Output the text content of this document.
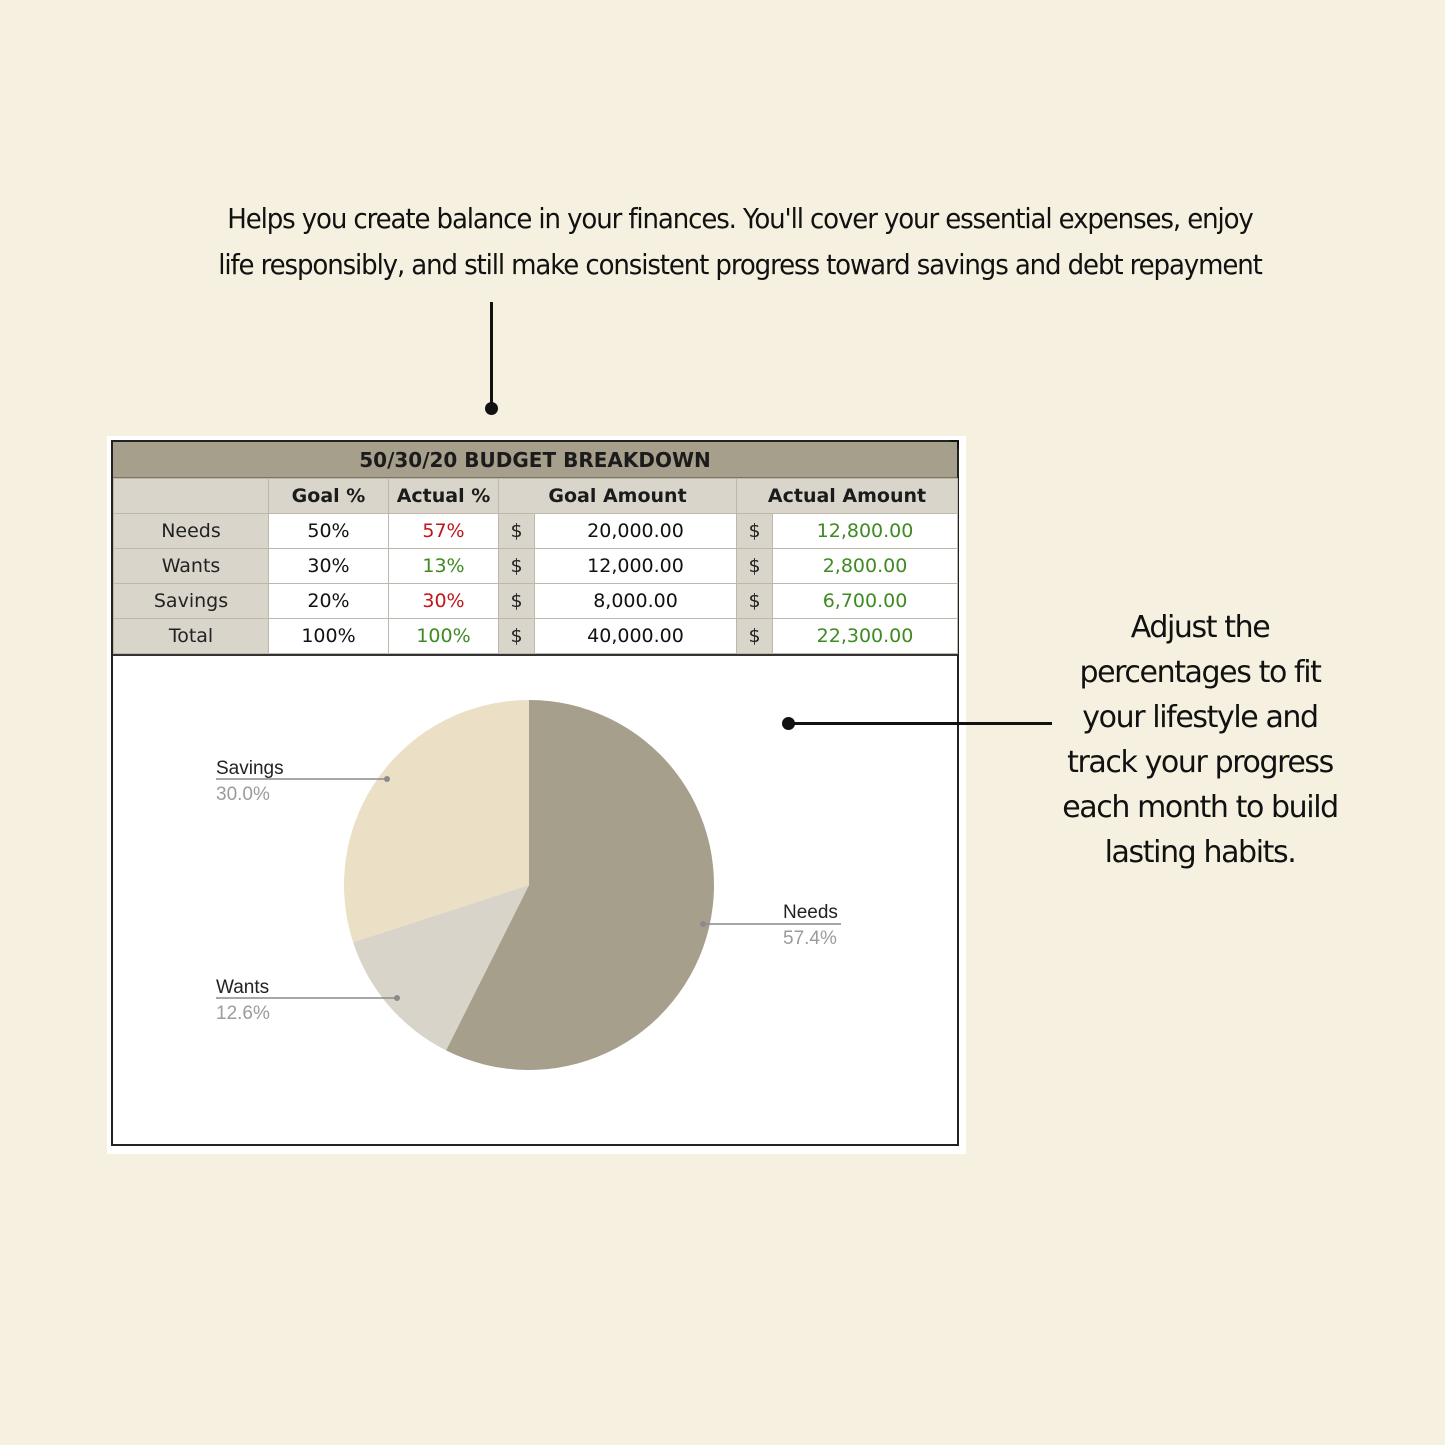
Helps you create balance in your finances. You'll cover your essential expenses, enjoy
life responsibly, and still make consistent progress toward savings and debt repayment
Adjust the
percentages to fit
your lifestyle and
track your progress
each month to build
lasting habits.
50/30/20 BUDGET BREAKDOWN
	Goal %	Actual %	Goal Amount		Actual Amount	
Needs	50%	57%	$	20,000.00	$	12,800.00
Wants	30%	13%	$	12,000.00	$	2,800.00
Savings	20%	30%	$	8,000.00	$	6,700.00
Total	100%	100%	$	40,000.00	$	22,300.00
Needs
57.4%
Wants
12.6%
Savings
30.0%
